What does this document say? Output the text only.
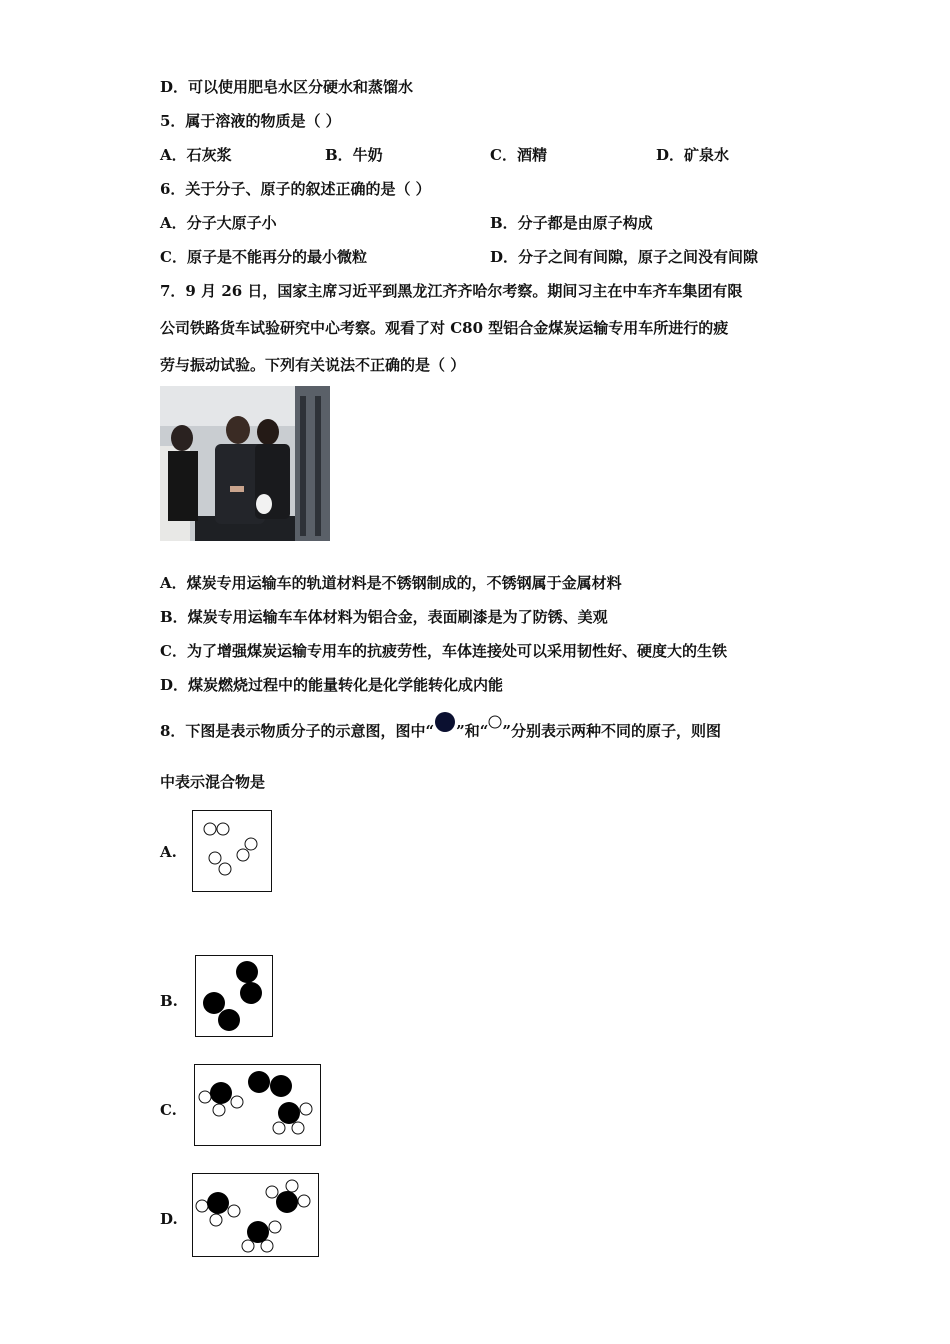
D．可以使用肥皂水区分硬水和蒸馏水
5．属于溶液的物质是（ ）
A．石灰浆	B．牛奶	C．酒精	D．矿泉水
6．关于分子、原子的叙述正确的是（ ）
A．分子大原子小	B．分子都是由原子构成
C．原子是不能再分的最小微粒	D．分子之间有间隙，原子之间没有间隙
7．9 月 26 日，国家主席习近平到黑龙江齐齐哈尔考察。期间习主在中车齐车集团有限
公司铁路货车试验研究中心考察。观看了对 C80 型铝合金煤炭运输专用车所进行的疲
劳与振动试验。下列有关说法不正确的是（ ）
A．煤炭专用运输车的轨道材料是不锈钢制成的，不锈钢属于金属材料
B．煤炭专用运输车车体材料为铝合金，表面刷漆是为了防锈、美观
C．为了增强煤炭运输专用车的抗疲劳性，车体连接处可以采用韧性好、硬度大的生铁
D．煤炭燃烧过程中的能量转化是化学能转化成内能
8．下图是表示物质分子的示意图，图中“ ”和“ ”分别表示两种不同的原子，则图
中表示混合物是
A.
B.
C.
D.
